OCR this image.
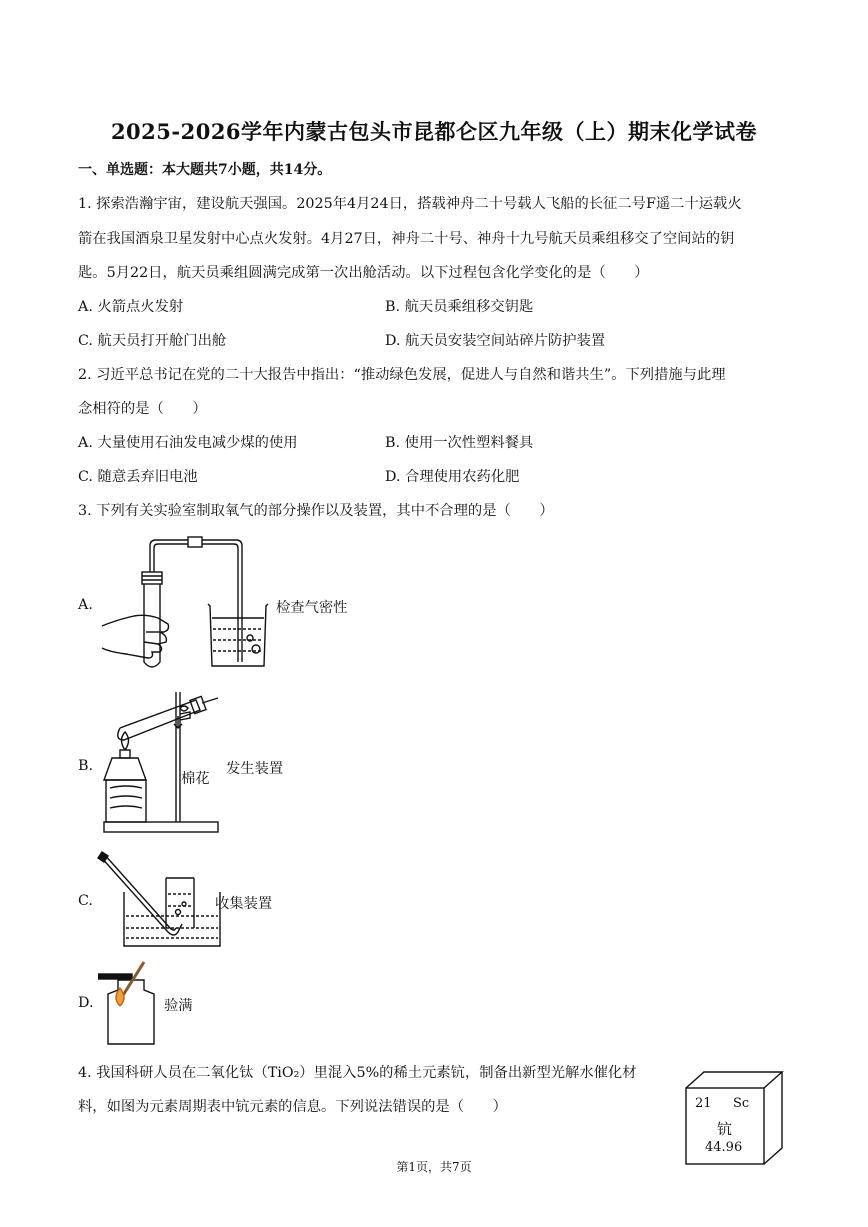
2025-2026学年内蒙古包头市昆都仑区九年级（上）期末化学试卷
一、单选题：本大题共7小题，共14分。
1. 探索浩瀚宇宙，建设航天强国。2025年4月24日，搭载神舟二十号载人飞船的长征二号F遥二十运载火
箭在我国酒泉卫星发射中心点火发射。4月27日，神舟二十号、神舟十九号航天员乘组移交了空间站的钥
匙。5月22日，航天员乘组圆满完成第一次出舱活动。以下过程包含化学变化的是（　　）
A. 火箭点火发射	B. 航天员乘组移交钥匙
C. 航天员打开舱门出舱	D. 航天员安装空间站碎片防护装置
2. 习近平总书记在党的二十大报告中指出：“推动绿色发展，促进人与自然和谐共生”。下列措施与此理
念相符的是（　　）
A. 大量使用石油发电减少煤的使用	B. 使用一次性塑料餐具
C. 随意丢弃旧电池	D. 合理使用农药化肥
3. 下列有关实验室制取氧气的部分操作以及装置，其中不合理的是（　　）
A.	检查气密性
B.
棉花
发生装置
C.	收集装置
D.	验满
4. 我国科研人员在二氧化钛（TiO₂）里混入5%的稀土元素钪，制备出新型光解水催化材
料，如图为元素周期表中钪元素的信息。下列说法错误的是（　　）	21 Sc
钪
44.96
第1页，共7页
